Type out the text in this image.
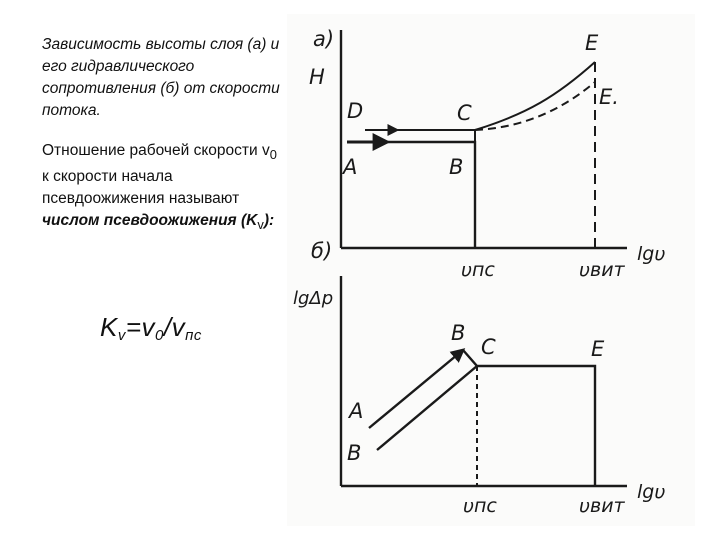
Зависимость высоты слоя (а) и его гидравлического сопротивления (б) от скорости потока.

Отношение рабочей скорости $v_0$ к скорости начала псевдоожижения называют числом псевдоожижения $(K_v)$:

$K_v=v_0/v_{пс}$
а)
H
D	C
A	B
E
E.
υпс	υвит
lgυ
б)
lgΔp
B
C	E
A
B
υпс	υвит
lgυ
